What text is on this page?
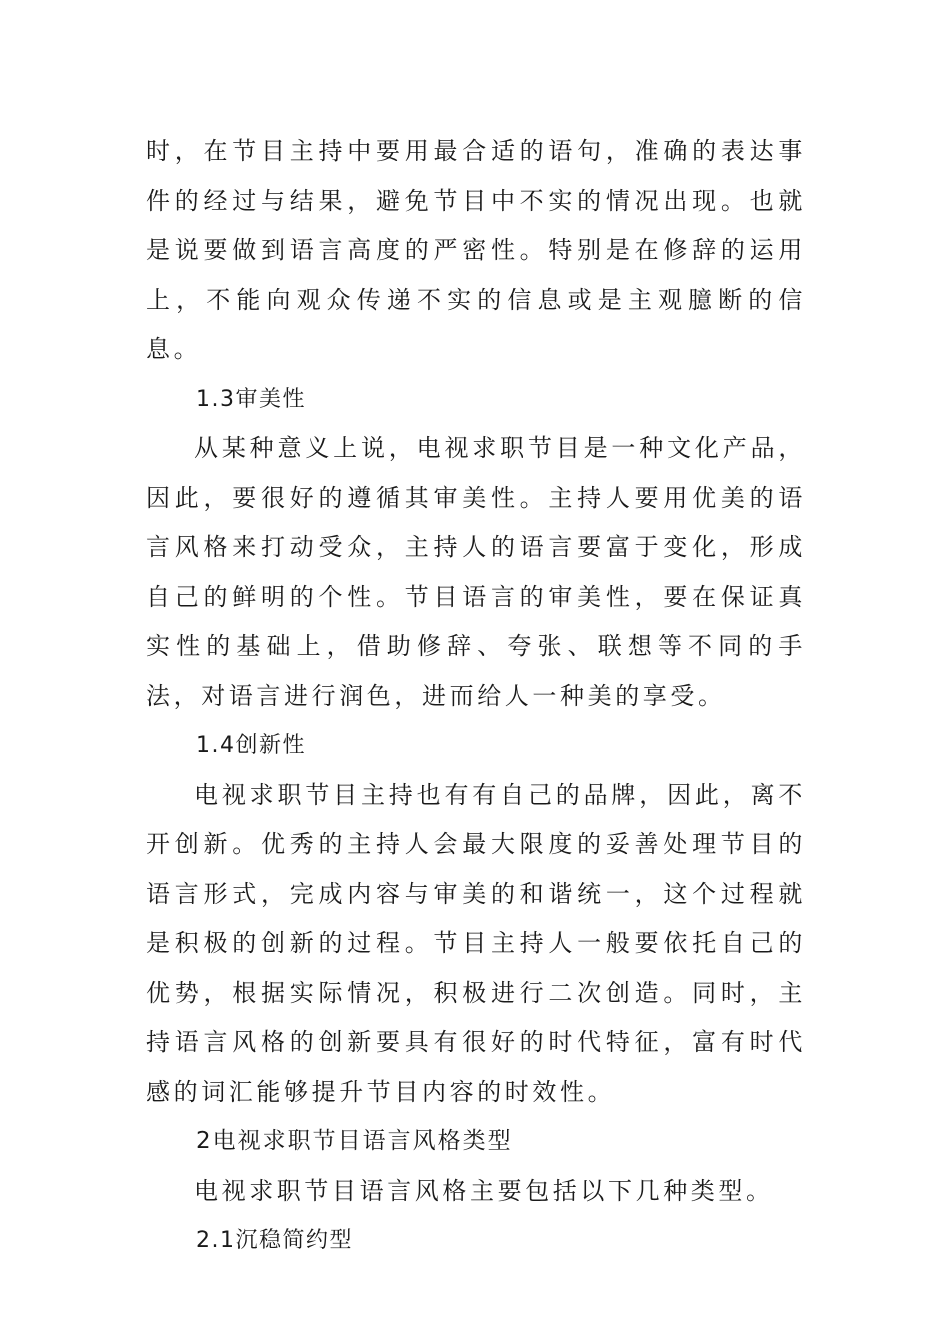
时，在节目主持中要用最合适的语句，准确的表达事件的经过与结果，避免节目中不实的情况出现。也就是说要做到语言高度的严密性。特别是在修辞的运用上，不能向观众传递不实的信息或是主观臆断的信息。

1.3审美性

从某种意义上说，电视求职节目是一种文化产品，因此，要很好的遵循其审美性。主持人要用优美的语言风格来打动受众，主持人的语言要富于变化，形成自己的鲜明的个性。节目语言的审美性，要在保证真实性的基础上，借助修辞、夸张、联想等不同的手法，对语言进行润色，进而给人一种美的享受。

1.4创新性

电视求职节目主持也有有自己的品牌，因此，离不开创新。优秀的主持人会最大限度的妥善处理节目的语言形式，完成内容与审美的和谐统一，这个过程就是积极的创新的过程。节目主持人一般要依托自己的优势，根据实际情况，积极进行二次创造。同时，主持语言风格的创新要具有很好的时代特征，富有时代感的词汇能够提升节目内容的时效性。

2电视求职节目语言风格类型

电视求职节目语言风格主要包括以下几种类型。

2.1沉稳简约型
